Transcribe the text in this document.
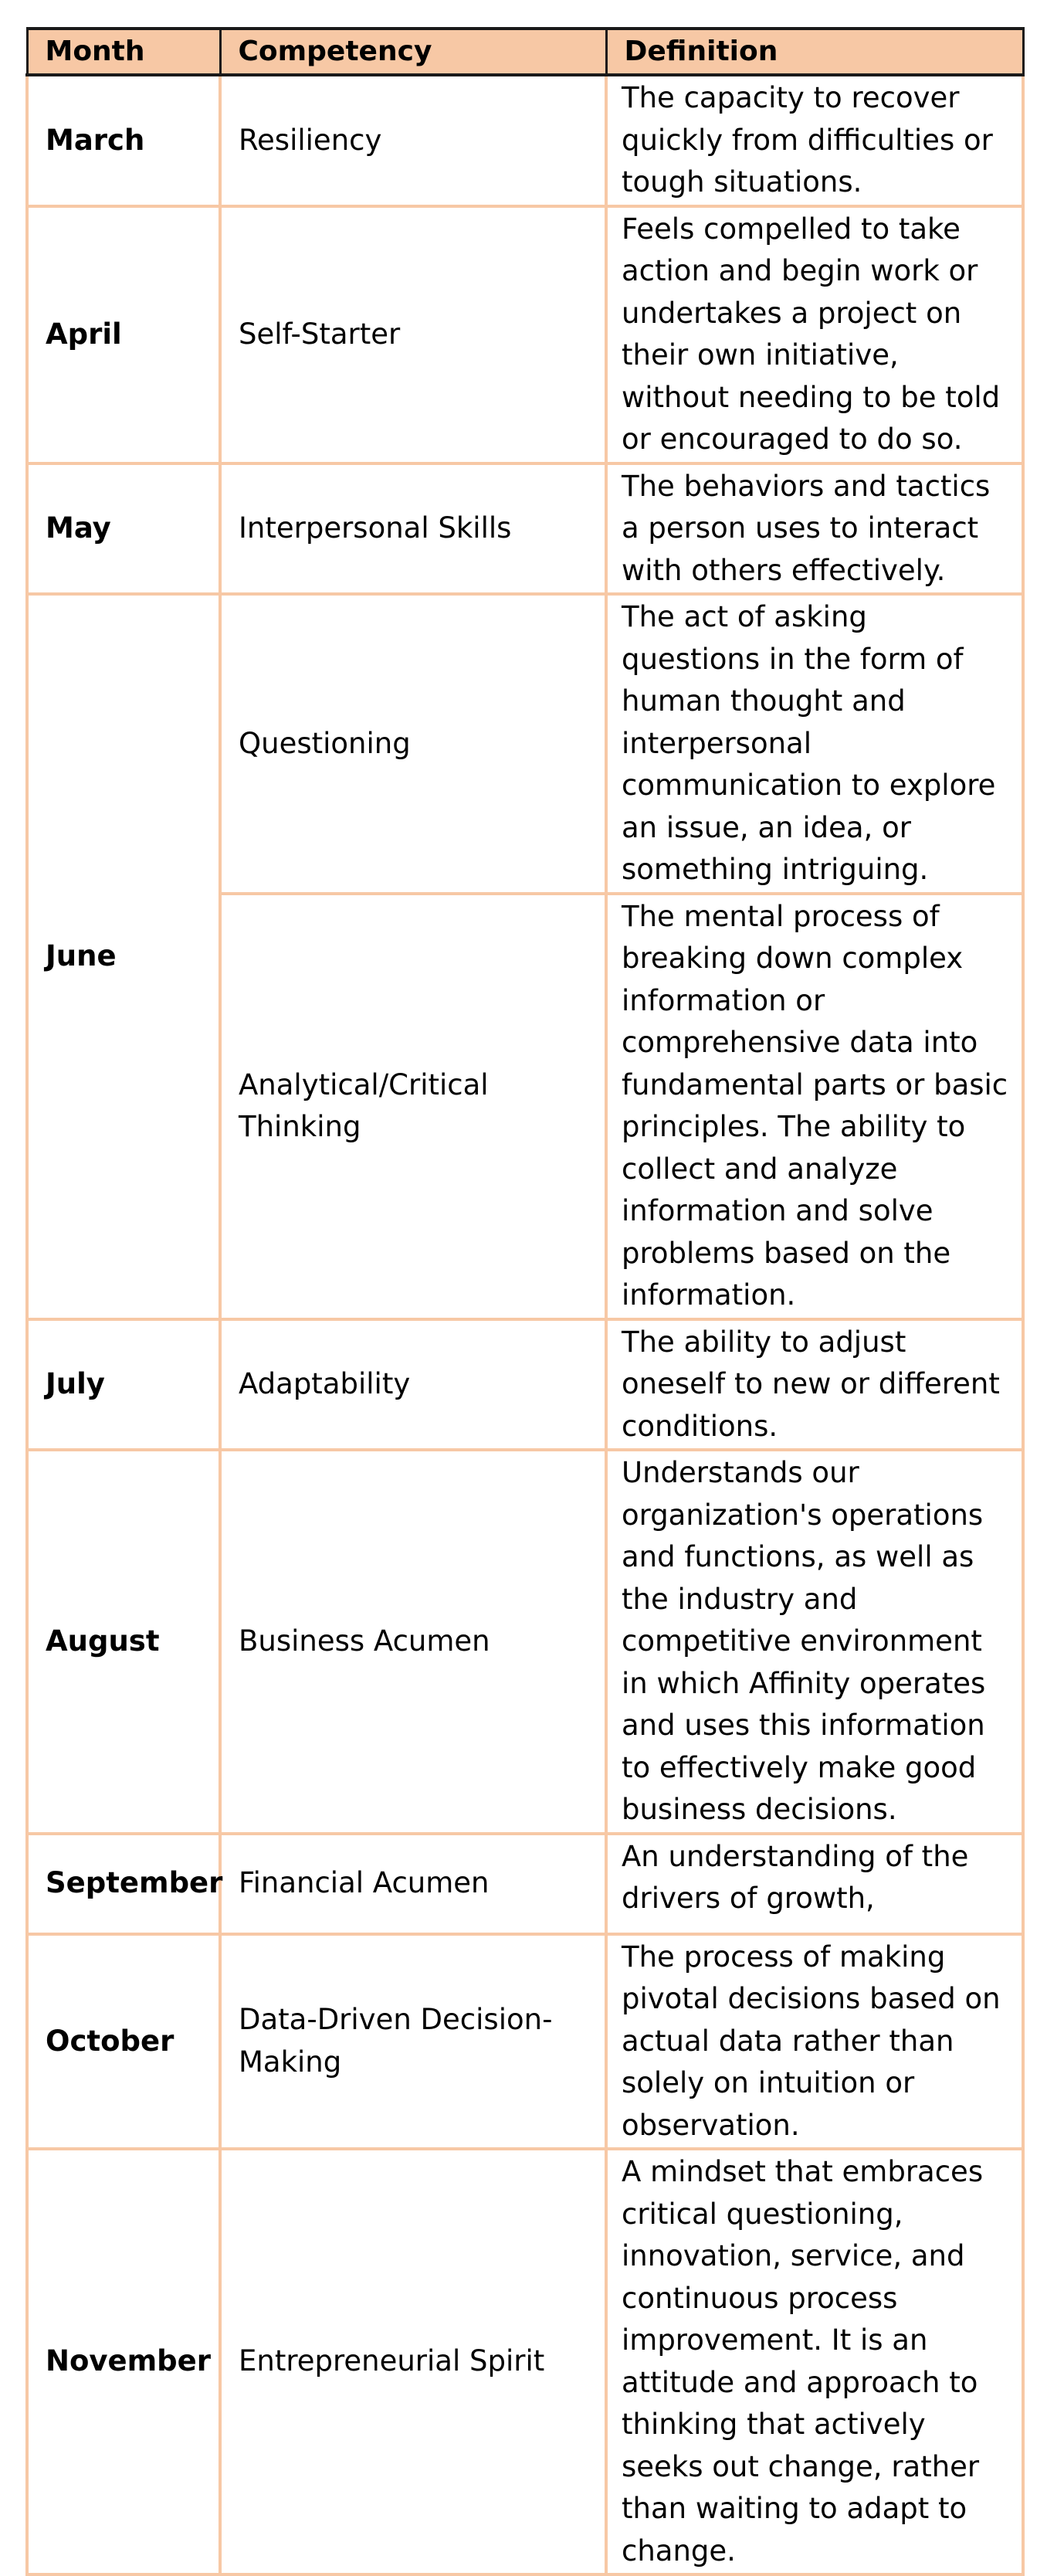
Month	Competency	Definition
March	Resiliency	The capacity to recover quickly from difficulties or tough situations.
April	Self-Starter	Feels compelled to take action and begin work or undertakes a project on their own initiative, without needing to be told or encouraged to do so.
May	Interpersonal Skills	The behaviors and tactics a person uses to interact with others effectively.
June	Questioning	The act of asking questions in the form of human thought and interpersonal communication to explore an issue, an idea, or something intriguing.
	Analytical/Critical Thinking	The mental process of breaking down complex information or comprehensive data into fundamental parts or basic principles. The ability to collect and analyze information and solve problems based on the information.
July	Adaptability	The ability to adjust oneself to new or different conditions.
August	Business Acumen	Understands our organization's operations and functions, as well as the industry and competitive environment in which Affinity operates and uses this information to effectively make good business decisions.
September	Financial Acumen	An understanding of the drivers of growth,
October	Data-Driven Decision-Making	The process of making pivotal decisions based on actual data rather than solely on intuition or observation.
November	Entrepreneurial Spirit	A mindset that embraces critical questioning, innovation, service, and continuous process improvement. It is an attitude and approach to thinking that actively seeks out change, rather than waiting to adapt to change.
